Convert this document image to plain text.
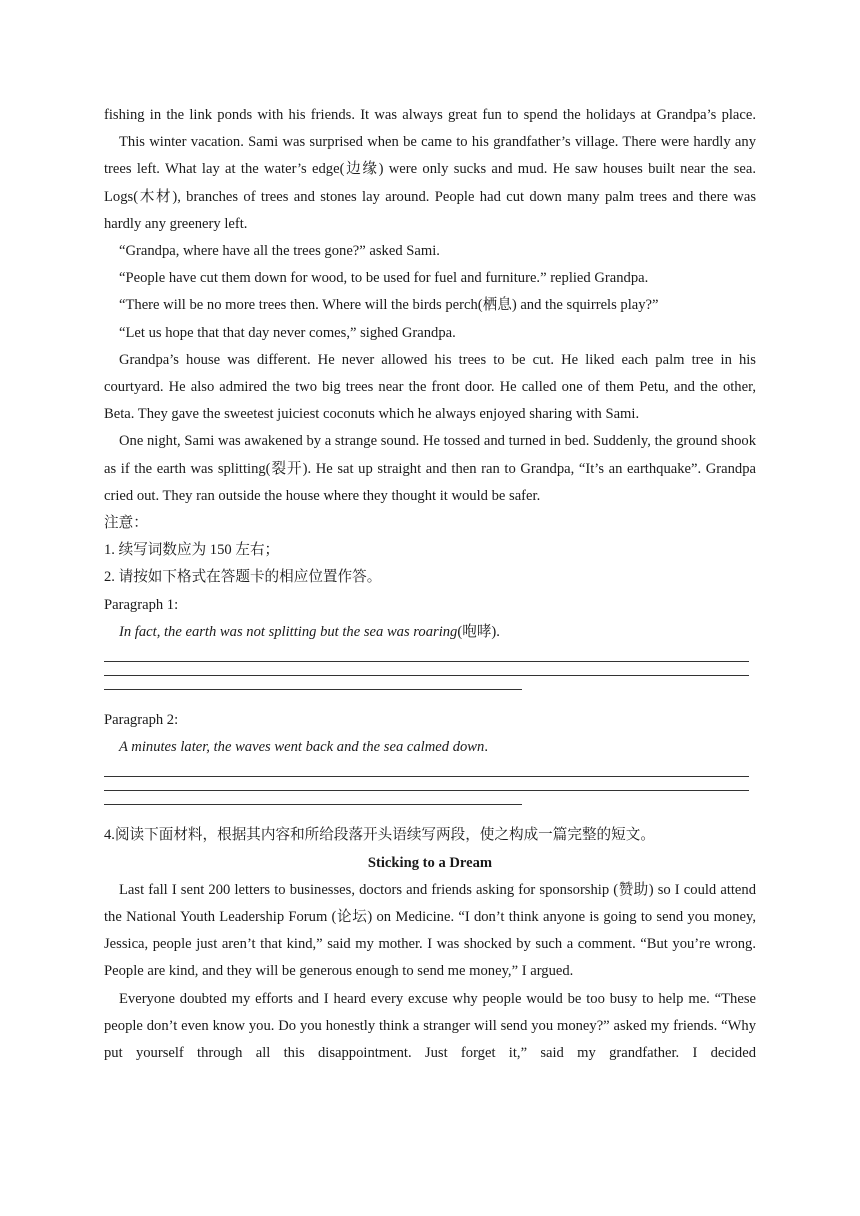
fishing in the link ponds with his friends. It was always great fun to spend the holidays at Grandpa’s place.

This winter vacation. Sami was surprised when be came to his grandfather’s village. There were hardly any trees left. What lay at the water’s edge(边缘) were only sucks and mud. He saw houses built near the sea. Logs(木材), branches of trees and stones lay around. People had cut down many palm trees and there was hardly any greenery left.

“Grandpa, where have all the trees gone?” asked Sami.

“People have cut them down for wood, to be used for fuel and furniture.” replied Grandpa.

“There will be no more trees then. Where will the birds perch(栖息) and the squirrels play?”

“Let us hope that that day never comes,” sighed Grandpa.

Grandpa’s house was different. He never allowed his trees to be cut. He liked each palm tree in his courtyard. He also admired the two big trees near the front door. He called one of them Petu, and the other, Beta. They gave the sweetest juiciest coconuts which he always enjoyed sharing with Sami.

One night, Sami was awakened by a strange sound. He tossed and turned in bed. Suddenly, the ground shook as if the earth was splitting(裂开). He sat up straight and then ran to Grandpa, “It’s an earthquake”. Grandpa cried out. They ran outside the house where they thought it would be safer.

注意：

1. 续写词数应为 150 左右；

2. 请按如下格式在答题卡的相应位置作答。

Paragraph 1:

In fact, the earth was not splitting but the sea was roaring(咆哮).

Paragraph 2:

A minutes later, the waves went back and the sea calmed down.

4.阅读下面材料，根据其内容和所给段落开头语续写两段，使之构成一篇完整的短文。

Sticking to a Dream

Last fall I sent 200 letters to businesses, doctors and friends asking for sponsorship (赞助) so I could attend the National Youth Leadership Forum (论坛) on Medicine. “I don’t think anyone is going to send you money, Jessica, people just aren’t that kind,” said my mother. I was shocked by such a comment. “But you’re wrong. People are kind, and they will be generous enough to send me money,” I argued.

Everyone doubted my efforts and I heard every excuse why people would be too busy to help me. “These people don’t even know you. Do you honestly think a stranger will send you money?” asked my friends. “Why put yourself through all this disappointment. Just forget it,” said my grandfather. I decided
